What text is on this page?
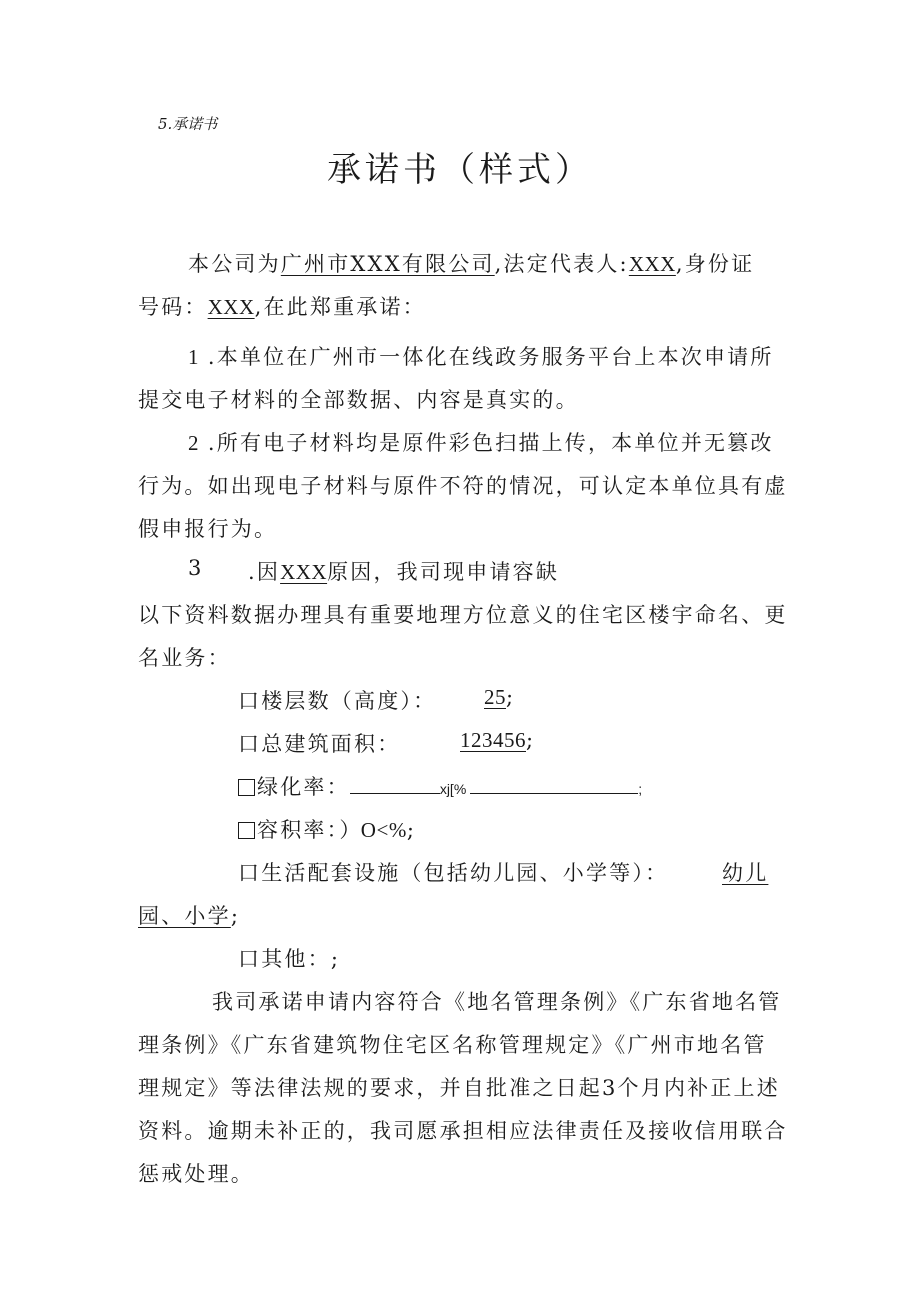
5.承诺书
承诺书（样式）
本公司为广州市XXX有限公司,法定代表人:XXX,身份证
号码：XXX,在此郑重承诺：
1 .本单位在广州市一体化在线政务服务平台上本次申请所
提交电子材料的全部数据、内容是真实的。
2 .所有电子材料均是原件彩色扫描上传，本单位并无篡改
行为。如出现电子材料与原件不符的情况，可认定本单位具有虚
假申报行为。
3 .因XXX原因，我司现申请容缺
以下资料数据办理具有重要地理方位意义的住宅区楼宇命名、更
名业务：
口楼层数（高度）： 25;
口总建筑面积：	123456;
绿化率：	xj[%	;
容积率：）O<%;
口生活配套设施（包括幼儿园、小学等）：	幼儿
园、小学;
口其他：;
我司承诺申请内容符合《地名管理条例》《广东省地名管
理条例》《广东省建筑物住宅区名称管理规定》《广州市地名管
理规定》等法律法规的要求，并自批准之日起3个月内补正上述
资料。逾期未补正的，我司愿承担相应法律责任及接收信用联合
惩戒处理。
